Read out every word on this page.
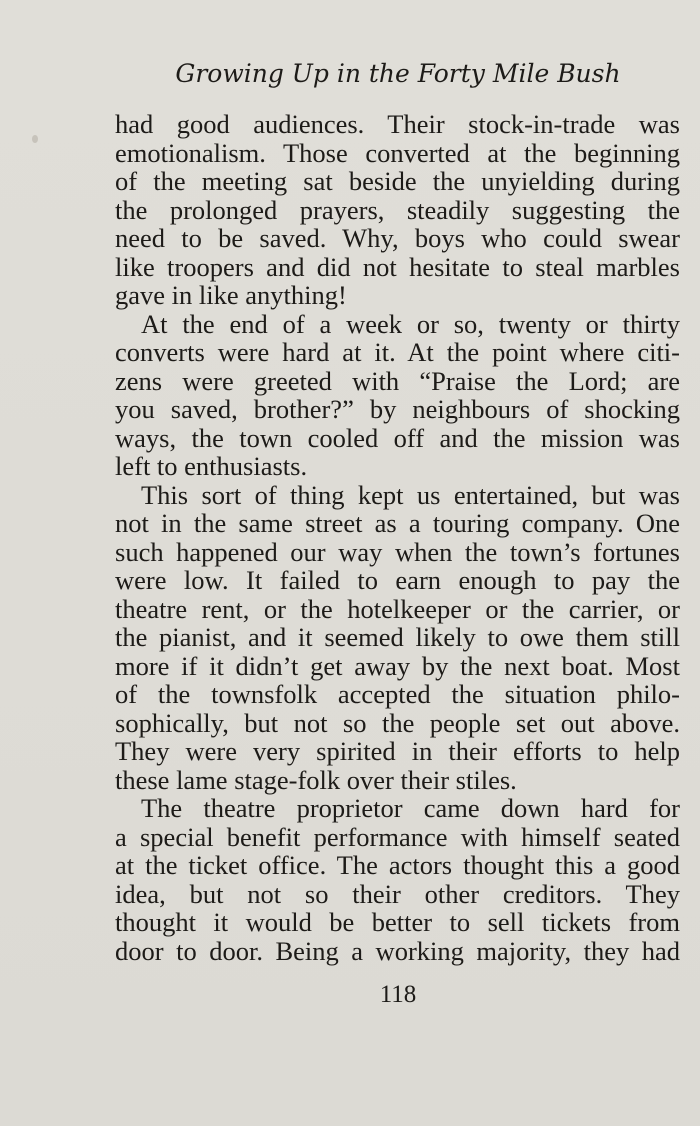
Growing Up in the Forty Mile Bush
had good audiences. Their stock-in-trade was
emotionalism. Those converted at the beginning
of the meeting sat beside the unyielding during
the prolonged prayers, steadily suggesting the
need to be saved. Why, boys who could swear
like troopers and did not hesitate to steal marbles
gave in like anything!
At the end of a week or so, twenty or thirty
converts were hard at it. At the point where citi-
zens were greeted with “Praise the Lord; are
you saved, brother?” by neighbours of shocking
ways, the town cooled off and the mission was
left to enthusiasts.
This sort of thing kept us entertained, but was
not in the same street as a touring company. One
such happened our way when the town’s fortunes
were low. It failed to earn enough to pay the
theatre rent, or the hotelkeeper or the carrier, or
the pianist, and it seemed likely to owe them still
more if it didn’t get away by the next boat. Most
of the townsfolk accepted the situation philo-
sophically, but not so the people set out above.
They were very spirited in their efforts to help
these lame stage-folk over their stiles.
The theatre proprietor came down hard for
a special benefit performance with himself seated
at the ticket office. The actors thought this a good
idea, but not so their other creditors. They
thought it would be better to sell tickets from
door to door. Being a working majority, they had
118
